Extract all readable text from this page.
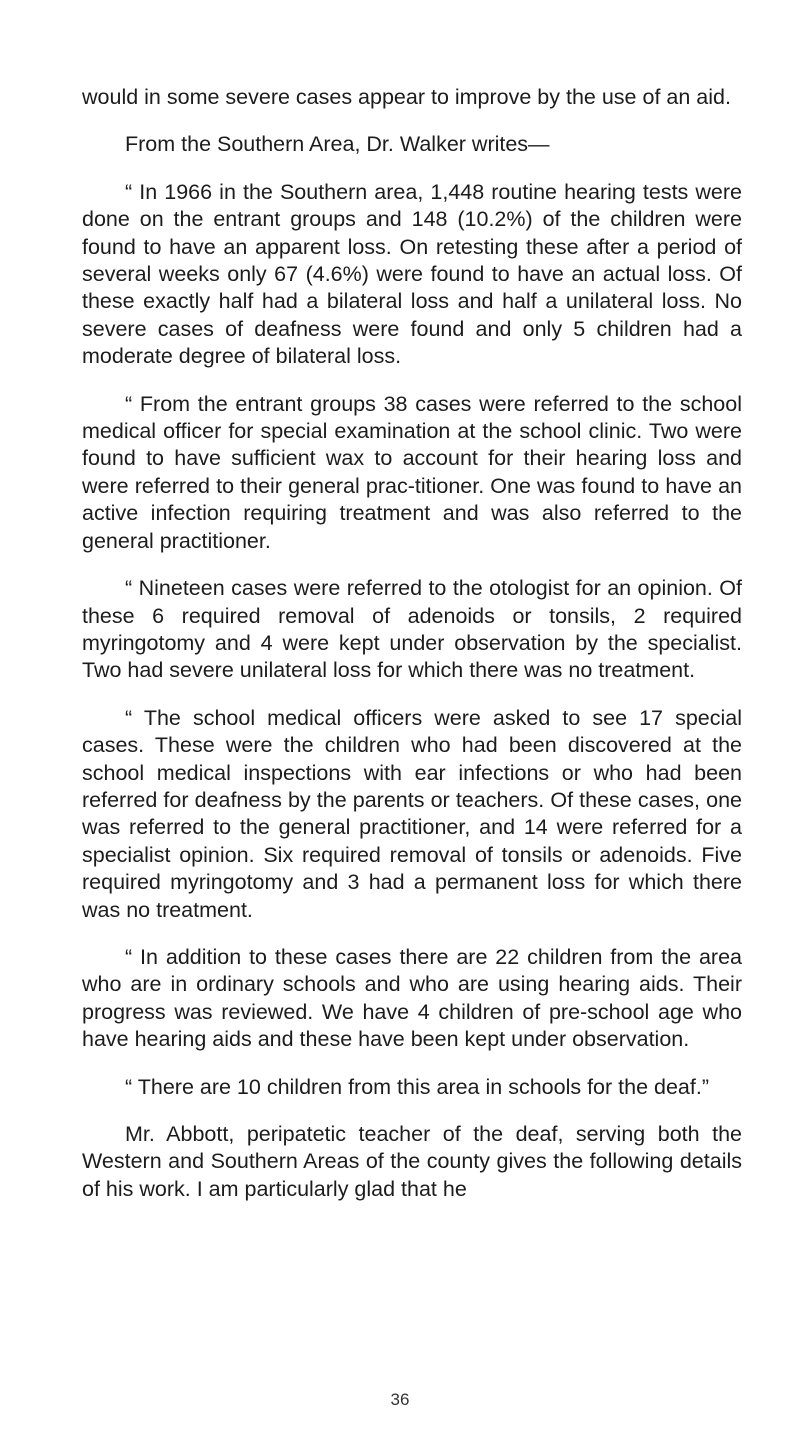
would in some severe cases appear to improve by the use of an aid.

From the Southern Area, Dr. Walker writes—

“ In 1966 in the Southern area, 1,448 routine hearing tests were done on the entrant groups and 148 (10.2%) of the children were found to have an apparent loss. On retesting these after a period of several weeks only 67 (4.6%) were found to have an actual loss. Of these exactly half had a bilateral loss and half a unilateral loss. No severe cases of deafness were found and only 5 children had a moderate degree of bilateral loss.

“ From the entrant groups 38 cases were referred to the school medical officer for special examination at the school clinic. Two were found to have sufficient wax to account for their hearing loss and were referred to their general prac-titioner. One was found to have an active infection requiring treatment and was also referred to the general practitioner.

“ Nineteen cases were referred to the otologist for an opinion. Of these 6 required removal of adenoids or tonsils, 2 required myringotomy and 4 were kept under observation by the specialist. Two had severe unilateral loss for which there was no treatment.

“ The school medical officers were asked to see 17 special cases. These were the children who had been discovered at the school medical inspections with ear infections or who had been referred for deafness by the parents or teachers. Of these cases, one was referred to the general practitioner, and 14 were referred for a specialist opinion. Six required removal of tonsils or adenoids. Five required myringotomy and 3 had a permanent loss for which there was no treatment.

“ In addition to these cases there are 22 children from the area who are in ordinary schools and who are using hearing aids. Their progress was reviewed. We have 4 children of pre-school age who have hearing aids and these have been kept under observation.

“ There are 10 children from this area in schools for the deaf.”

Mr. Abbott, peripatetic teacher of the deaf, serving both the Western and Southern Areas of the county gives the following details of his work. I am particularly glad that he

36
